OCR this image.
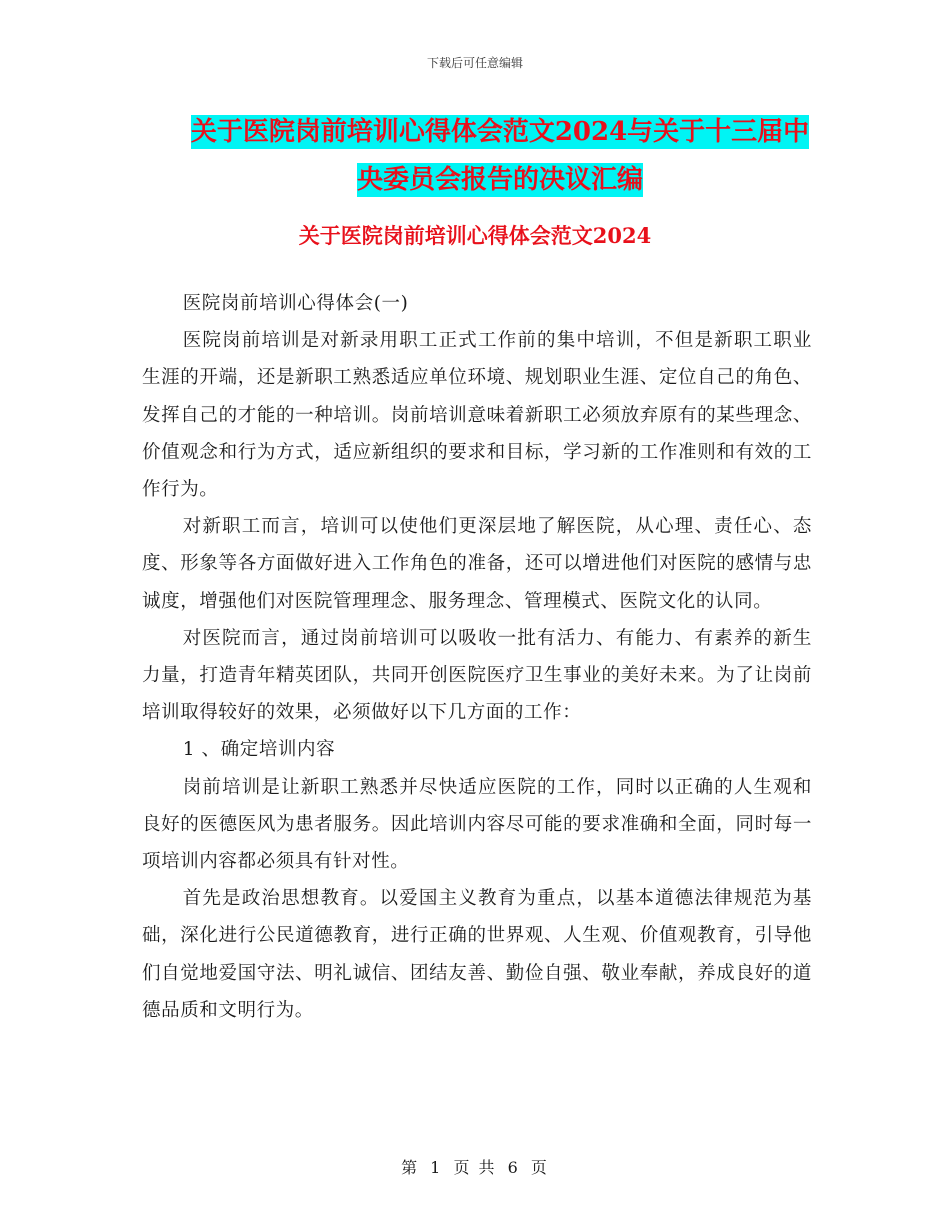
下载后可任意编辑
关于医院岗前培训心得体会范文2024与关于十三届中
央委员会报告的决议汇编
关于医院岗前培训心得体会范文2024

医院岗前培训心得体会(一)

医院岗前培训是对新录用职工正式工作前的集中培训，不但是新职工职业生涯的开端，还是新职工熟悉适应单位环境、规划职业生涯、定位自己的角色、发挥自己的才能的一种培训。岗前培训意味着新职工必须放弃原有的某些理念、价值观念和行为方式，适应新组织的要求和目标，学习新的工作准则和有效的工作行为。

对新职工而言，培训可以使他们更深层地了解医院，从心理、责任心、态度、形象等各方面做好进入工作角色的准备，还可以增进他们对医院的感情与忠诚度，增强他们对医院管理理念、服务理念、管理模式、医院文化的认同。

对医院而言，通过岗前培训可以吸收一批有活力、有能力、有素养的新生力量，打造青年精英团队，共同开创医院医疗卫生事业的美好未来。为了让岗前培训取得较好的效果，必须做好以下几方面的工作：

1 、确定培训内容

岗前培训是让新职工熟悉并尽快适应医院的工作，同时以正确的人生观和良好的医德医风为患者服务。因此培训内容尽可能的要求准确和全面，同时每一项培训内容都必须具有针对性。

首先是政治思想教育。以爱国主义教育为重点，以基本道德法律规范为基础，深化进行公民道德教育，进行正确的世界观、人生观、价值观教育，引导他们自觉地爱国守法、明礼诚信、团结友善、勤俭自强、敬业奉献，养成良好的道德品质和文明行为。

第 1 页 共 6 页
